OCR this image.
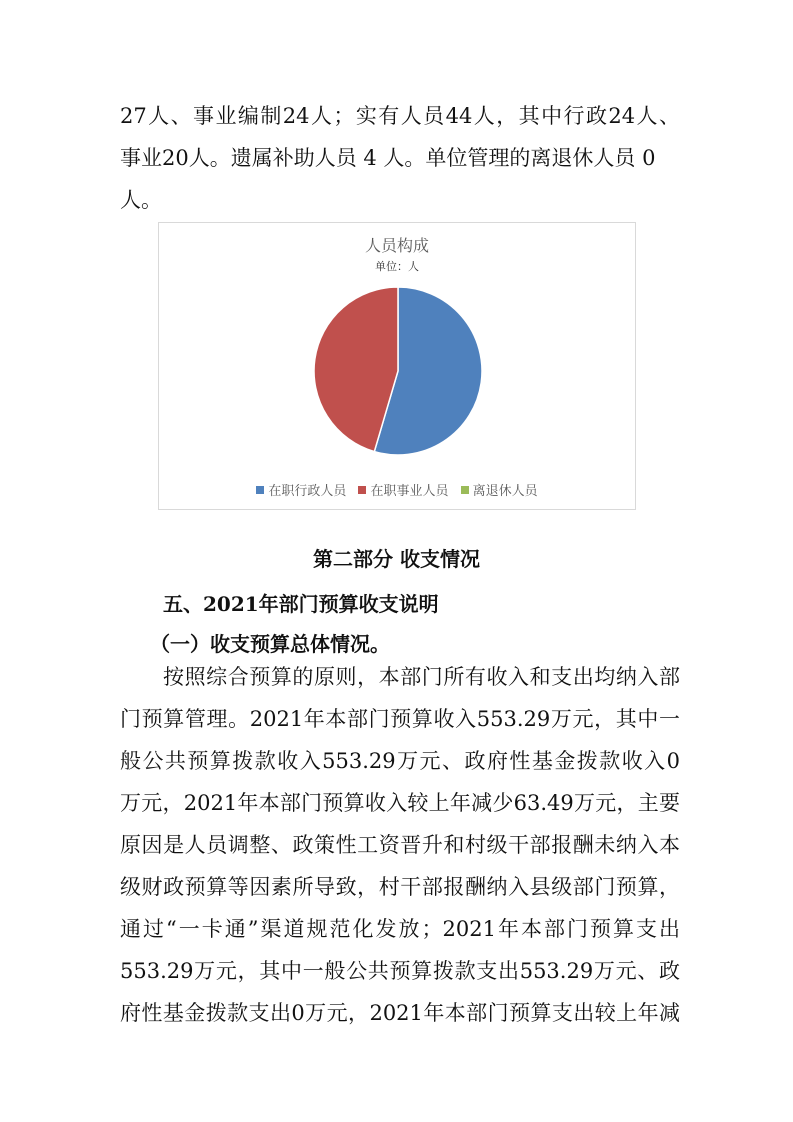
27人、事业编制24人；实有人员44人，其中行政24人、
事业20人。遗属补助人员 4 人。单位管理的离退休人员 0
人。
人员构成
单位：人
在职行政人员 在职事业人员 离退休人员
第二部分 收支情况
五、2021年部门预算收支说明
（一）收支预算总体情况。
按照综合预算的原则，本部门所有收入和支出均纳入部
门预算管理。2021年本部门预算收入553.29万元，其中一
般公共预算拨款收入553.29万元、政府性基金拨款收入0
万元，2021年本部门预算收入较上年减少63.49万元，主要
原因是人员调整、政策性工资晋升和村级干部报酬未纳入本
级财政预算等因素所导致，村干部报酬纳入县级部门预算，
通过“一卡通”渠道规范化发放；2021年本部门预算支出
553.29万元，其中一般公共预算拨款支出553.29万元、政
府性基金拨款支出0万元，2021年本部门预算支出较上年减
